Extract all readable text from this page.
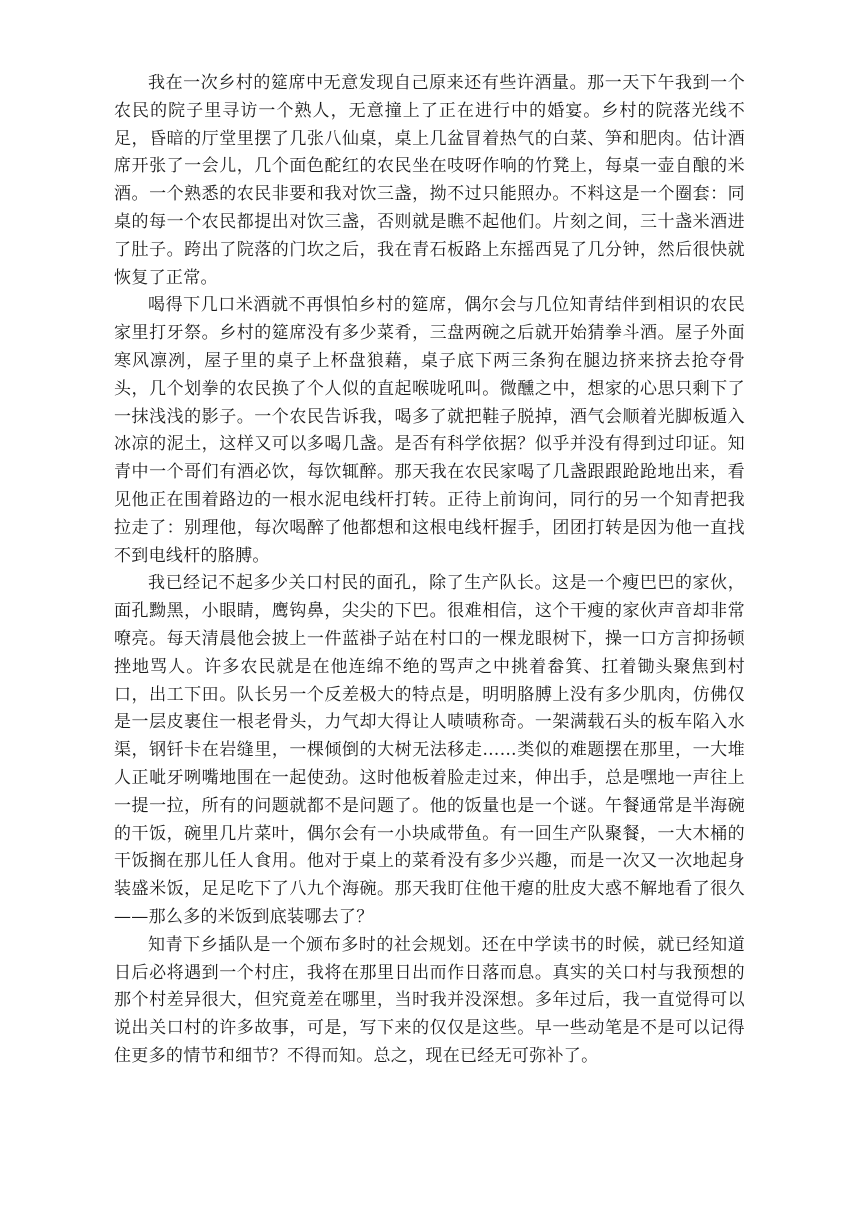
我在一次乡村的筵席中无意发现自己原来还有些许酒量。那一天下午我到一个农民的院子里寻访一个熟人，无意撞上了正在进行中的婚宴。乡村的院落光线不足，昏暗的厅堂里摆了几张八仙桌，桌上几盆冒着热气的白菜、笋和肥肉。估计酒席开张了一会儿，几个面色酡红的农民坐在吱呀作响的竹凳上，每桌一壶自酿的米酒。一个熟悉的农民非要和我对饮三盏，拗不过只能照办。不料这是一个圈套：同桌的每一个农民都提出对饮三盏，否则就是瞧不起他们。片刻之间，三十盏米酒进了肚子。跨出了院落的门坎之后，我在青石板路上东摇西晃了几分钟，然后很快就恢复了正常。

喝得下几口米酒就不再惧怕乡村的筵席，偶尔会与几位知青结伴到相识的农民家里打牙祭。乡村的筵席没有多少菜肴，三盘两碗之后就开始猜拳斗酒。屋子外面寒风凛冽，屋子里的桌子上杯盘狼藉，桌子底下两三条狗在腿边挤来挤去抢夺骨头，几个划拳的农民换了个人似的直起喉咙吼叫。微醺之中，想家的心思只剩下了一抹浅浅的影子。一个农民告诉我，喝多了就把鞋子脱掉，酒气会顺着光脚板遁入冰凉的泥土，这样又可以多喝几盏。是否有科学依据？似乎并没有得到过印证。知青中一个哥们有酒必饮，每饮辄醉。那天我在农民家喝了几盏跟跟跄跄地出来，看见他正在围着路边的一根水泥电线杆打转。正待上前询问，同行的另一个知青把我拉走了：别理他，每次喝醉了他都想和这根电线杆握手，团团打转是因为他一直找不到电线杆的胳膊。

我已经记不起多少关口村民的面孔，除了生产队长。这是一个瘦巴巴的家伙，面孔黝黑，小眼睛，鹰钩鼻，尖尖的下巴。很难相信，这个干瘦的家伙声音却非常嘹亮。每天清晨他会披上一件蓝褂子站在村口的一棵龙眼树下，操一口方言抑扬顿挫地骂人。许多农民就是在他连绵不绝的骂声之中挑着畚箕、扛着锄头聚焦到村口，出工下田。队长另一个反差极大的特点是，明明胳膊上没有多少肌肉，仿佛仅是一层皮裹住一根老骨头，力气却大得让人啧啧称奇。一架满载石头的板车陷入水渠，钢钎卡在岩缝里，一棵倾倒的大树无法移走……类似的难题摆在那里，一大堆人正呲牙咧嘴地围在一起使劲。这时他板着脸走过来，伸出手，总是嘿地一声往上一提一拉，所有的问题就都不是问题了。他的饭量也是一个谜。午餐通常是半海碗的干饭，碗里几片菜叶，偶尔会有一小块咸带鱼。有一回生产队聚餐，一大木桶的干饭搁在那儿任人食用。他对于桌上的菜肴没有多少兴趣，而是一次又一次地起身装盛米饭，足足吃下了八九个海碗。那天我盯住他干瘪的肚皮大惑不解地看了很久——那么多的米饭到底装哪去了？

知青下乡插队是一个颁布多时的社会规划。还在中学读书的时候，就已经知道日后必将遇到一个村庄，我将在那里日出而作日落而息。真实的关口村与我预想的那个村差异很大，但究竟差在哪里，当时我并没深想。多年过后，我一直觉得可以说出关口村的许多故事，可是，写下来的仅仅是这些。早一些动笔是不是可以记得住更多的情节和细节？不得而知。总之，现在已经无可弥补了。
